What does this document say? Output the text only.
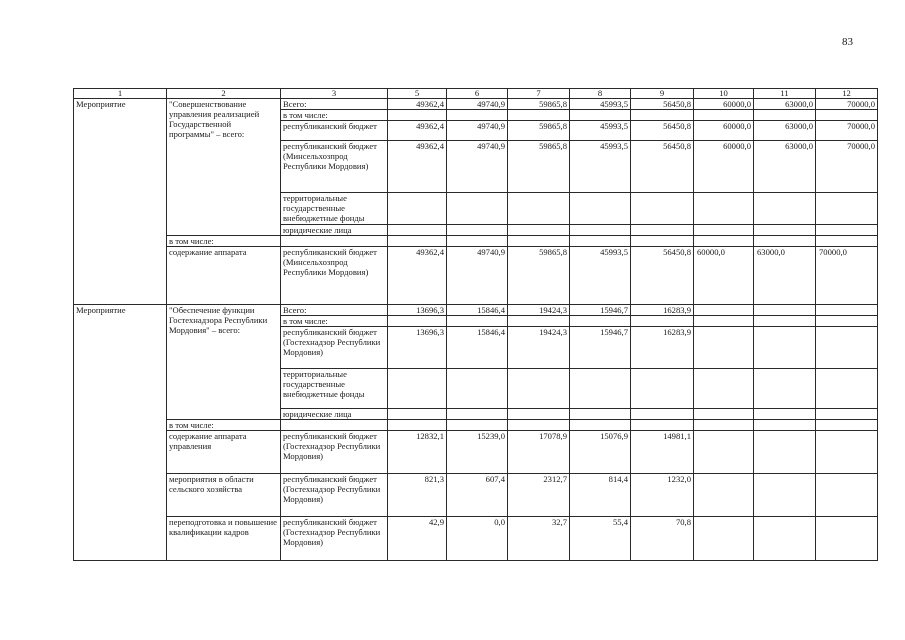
83
1	2	3	5	6	7	8	9	10	11	12
Мероприятие	"Совершенствование управления реализацией Государственной программы" – всего:	Всего:	49362,4	49740,9	59865,8	45993,5	56450,8	60000,0	63000,0	70000,0
		в том числе:								
		республиканский бюджет	49362,4	49740,9	59865,8	45993,5	56450,8	60000,0	63000,0	70000,0
		республиканский бюджет (Минсельхозпрод Республики Мордовия)	49362,4	49740,9	59865,8	45993,5	56450,8	60000,0	63000,0	70000,0
		территориальные государственные внебюджетные фонды								
		юридические лица								
	в том числе:									
	содержание аппарата	республиканский бюджет (Минсельхозпрод Республики Мордовия)	49362,4	49740,9	59865,8	45993,5	56450,8	60000,0	63000,0	70000,0
Мероприятие	"Обеспечение функции Гостехнадзора Республики Мордовия" – всего:	Всего:	13696,3	15846,4	19424,3	15946,7	16283,9			
		в том числе:								
		республиканский бюджет (Гостехнадзор Республики Мордовия)	13696,3	15846,4	19424,3	15946,7	16283,9			
		территориальные государственные внебюджетные фонды								
		юридические лица								
	в том числе:									
	содержание аппарата управления	республиканский бюджет (Гостехнадзор Республики Мордовия)	12832,1	15239,0	17078,9	15076,9	14981,1			
	мероприятия в области сельского хозяйства	республиканский бюджет (Гостехнадзор Республики Мордовия)	821,3	607,4	2312,7	814,4	1232,0			
	переподготовка и повышение квалификации кадров	республиканский бюджет (Гостехнадзор Республики Мордовия)	42,9	0,0	32,7	55,4	70,8			
